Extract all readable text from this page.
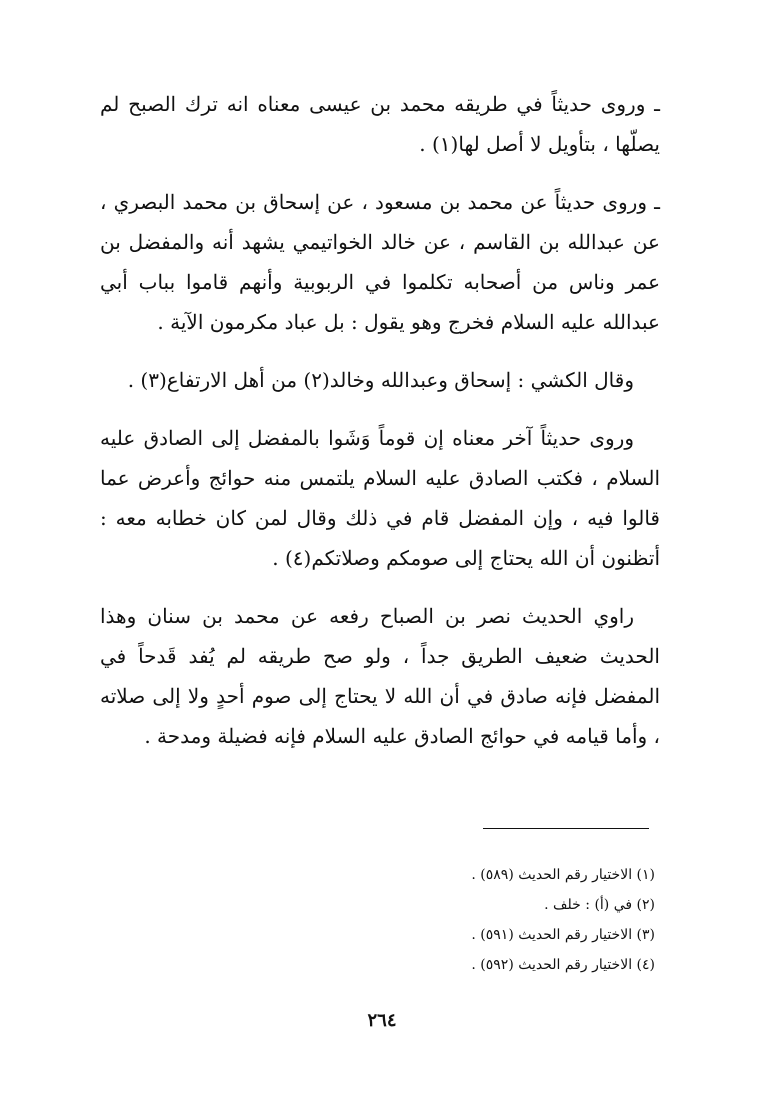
ـ وروى حديثاً في طريقه محمد بن عيسى معناه انه ترك الصبح لم يصلّها ، بتأويل لا أصل لها(١) .

ـ وروى حديثاً عن محمد بن مسعود ، عن إسحاق بن محمد البصري ، عن عبدالله بن القاسم ، عن خالد الخواتيمي يشهد أنه والمفضل بن عمر وناس من أصحابه تكلموا في الربوبية وأنهم قاموا بباب أبي عبدالله عليه السلام فخرج وهو يقول : بل عباد مكرمون الآية .

وقال الكشي : إسحاق وعبدالله وخالد(٢) من أهل الارتفاع(٣) .

وروى حديثاً آخر معناه إن قوماً وَشَوا بالمفضل إلى الصادق عليه السلام ، فكتب الصادق عليه السلام يلتمس منه حوائج وأعرض عما قالوا فيه ، وإن المفضل قام في ذلك وقال لمن كان خطابه معه : أتظنون أن الله يحتاج إلى صومكم وصلاتكم(٤) .

راوي الحديث نصر بن الصباح رفعه عن محمد بن سنان وهذا الحديث ضعيف الطريق جداً ، ولو صح طريقه لم يُفد قَدحاً في المفضل فإنه صادق في أن الله لا يحتاج إلى صوم أحدٍ ولا إلى صلاته ، وأما قيامه في حوائج الصادق عليه السلام فإنه فضيلة ومدحة .

(١) الاختيار رقم الحديث (٥٨٩) .

(٢) في (أ) : خلف .

(٣) الاختيار رقم الحديث (٥٩١) .

(٤) الاختيار رقم الحديث (٥٩٢) .

٢٦٤
